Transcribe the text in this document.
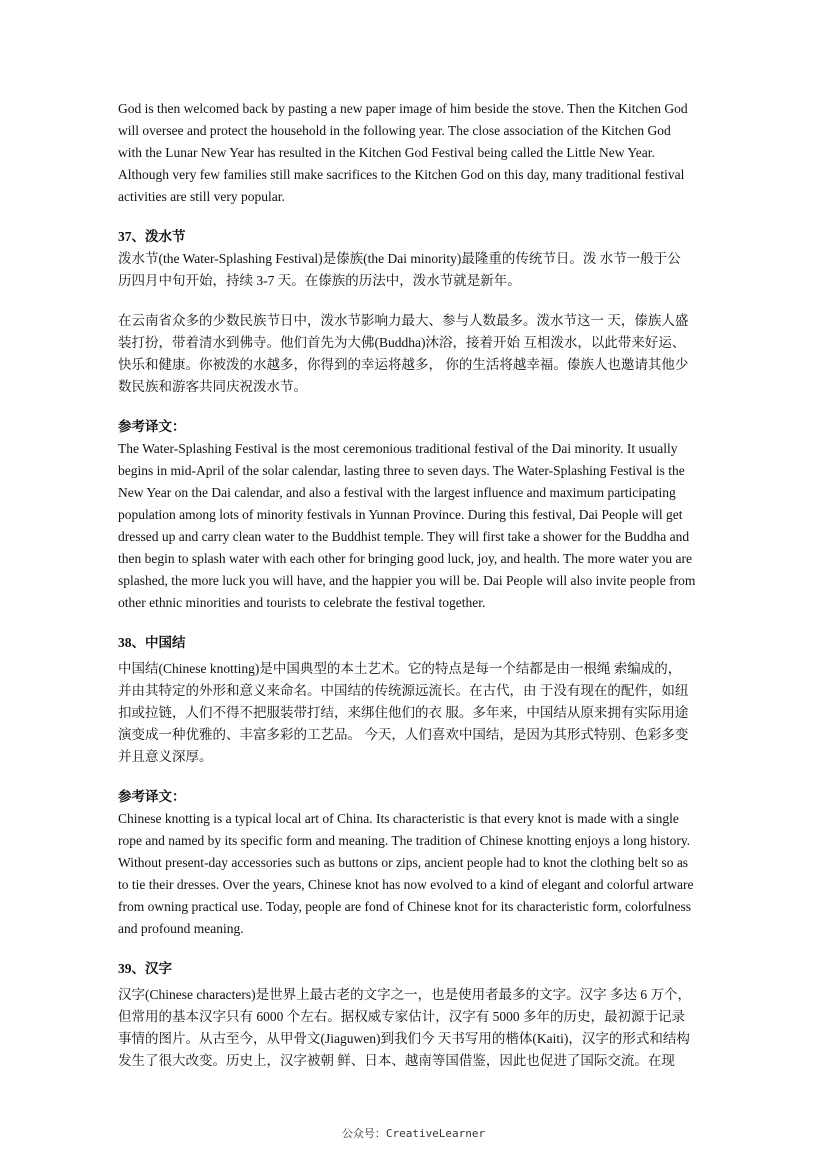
God is then welcomed back by pasting a new paper image of him beside the stove. Then the Kitchen God

will oversee and protect the household in the following year. The close association of the Kitchen God

with the Lunar New Year has resulted in the Kitchen God Festival being called the Little New Year.

Although very few families still make sacrifices to the Kitchen God on this day, many traditional festival

activities are still very popular.

37、泼水节

泼水节(the Water-Splashing Festival)是傣族(the Dai minority)最隆重的传统节日。泼 水节一般于公

历四月中旬开始，持续 3-7 天。在傣族的历法中，泼水节就是新年。

在云南省众多的少数民族节日中，泼水节影响力最大、参与人数最多。泼水节这一 天，傣族人盛

装打扮，带着清水到佛寺。他们首先为大佛(Buddha)沐浴，接着开始 互相泼水，以此带来好运、

快乐和健康。你被泼的水越多，你得到的幸运将越多， 你的生活将越幸福。傣族人也邀请其他少

数民族和游客共同庆祝泼水节。

参考译文：

The Water-Splashing Festival is the most ceremonious traditional festival of the Dai minority. It usually

begins in mid-April of the solar calendar, lasting three to seven days. The Water-Splashing Festival is the

New Year on the Dai calendar, and also a festival with the largest influence and maximum participating

population among lots of minority festivals in Yunnan Province. During this festival, Dai People will get

dressed up and carry clean water to the Buddhist temple. They will first take a shower for the Buddha and

then begin to splash water with each other for bringing good luck, joy, and health. The more water you are

splashed, the more luck you will have, and the happier you will be. Dai People will also invite people from

other ethnic minorities and tourists to celebrate the festival together.

38、中国结

中国结(Chinese knotting)是中国典型的本土艺术。它的特点是每一个结都是由一根绳 索编成的，

并由其特定的外形和意义来命名。中国结的传统源远流长。在古代，由 于没有现在的配件，如纽

扣或拉链，人们不得不把服装带打结，来绑住他们的衣 服。多年来，中国结从原来拥有实际用途

演变成一种优雅的、丰富多彩的工艺品。 今天，人们喜欢中国结，是因为其形式特别、色彩多变

并且意义深厚。

参考译文：

Chinese knotting is a typical local art of China. Its characteristic is that every knot is made with a single

rope and named by its specific form and meaning. The tradition of Chinese knotting enjoys a long history.

Without present-day accessories such as buttons or zips, ancient people had to knot the clothing belt so as

to tie their dresses. Over the years, Chinese knot has now evolved to a kind of elegant and colorful artware

from owning practical use. Today, people are fond of Chinese knot for its characteristic form, colorfulness

and profound meaning.

39、汉字

汉字(Chinese characters)是世界上最古老的文字之一，也是使用者最多的文字。汉字 多达 6 万个，

但常用的基本汉字只有 6000 个左右。据权威专家估计，汉字有 5000 多年的历史，最初源于记录

事情的图片。从古至今，从甲骨文(Jiaguwen)到我们今 天书写用的楷体(Kaiti)，汉字的形式和结构

发生了很大改变。历史上，汉字被朝 鲜、日本、越南等国借鉴，因此也促进了国际交流。在现

公众号：CreativeLearner
